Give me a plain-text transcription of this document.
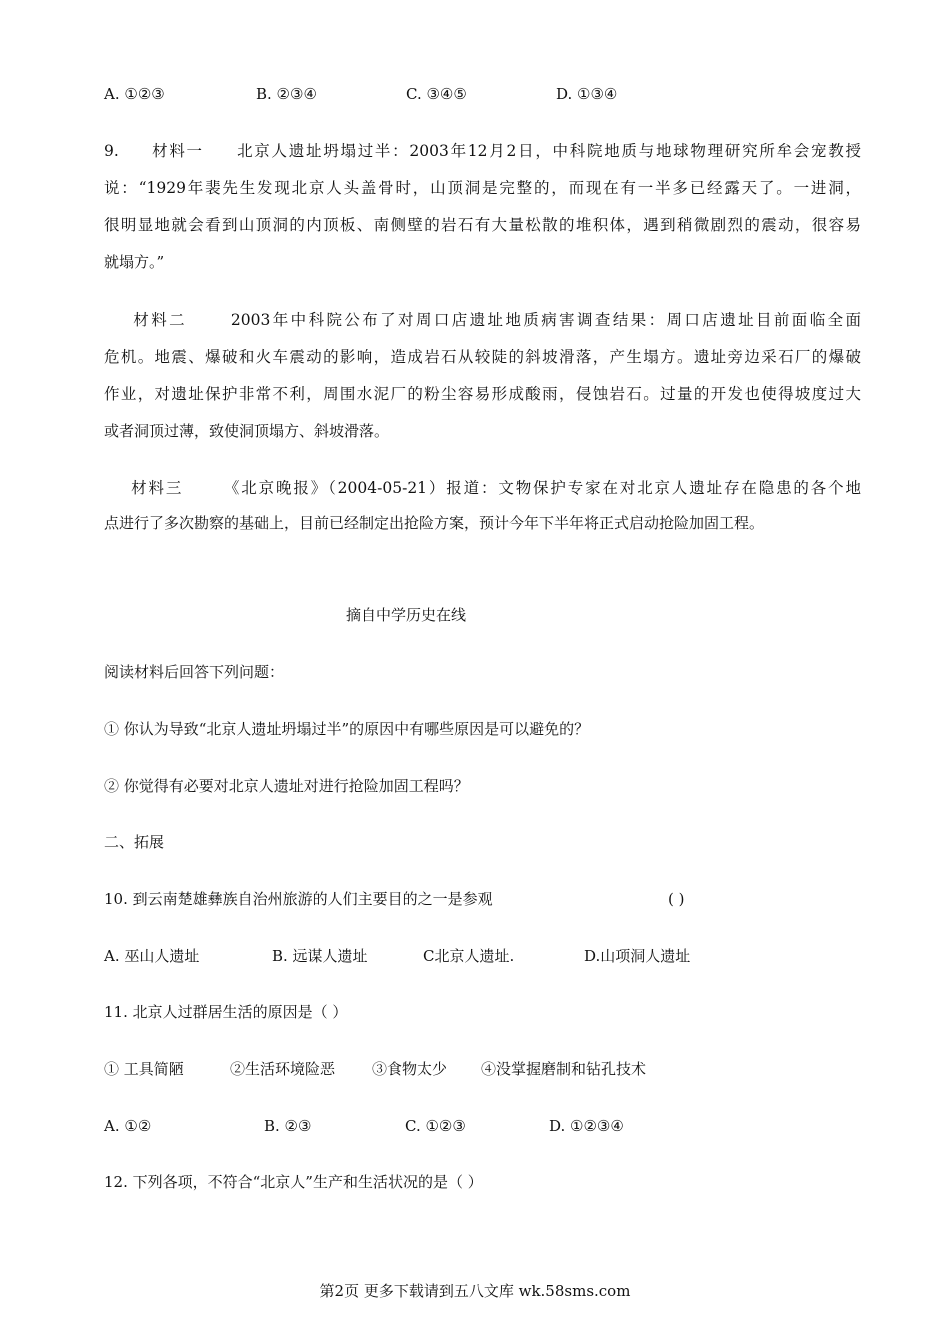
A. ①②③	B. ②③④	C. ③④⑤	D. ①③④
9.     材料一     北京人遗址坍塌过半：2003年12月2日，中科院地质与地球物理研究所牟会宠教授
说：“1929年裴先生发现北京人头盖骨时，山顶洞是完整的，而现在有一半多已经露天了。一进洞，
很明显地就会看到山顶洞的内顶板、南侧壁的岩石有大量松散的堆积体，遇到稍微剧烈的震动，很容易
就塌方。”
材料二      2003年中科院公布了对周口店遗址地质病害调查结果：周口店遗址目前面临全面
危机。地震、爆破和火车震动的影响，造成岩石从较陡的斜坡滑落，产生塌方。遗址旁边采石厂的爆破
作业，对遗址保护非常不利，周围水泥厂的粉尘容易形成酸雨，侵蚀岩石。过量的开发也使得坡度过大
或者洞顶过薄，致使洞顶塌方、斜坡滑落。
材料三      《北京晚报》（2004-05-21）报道：文物保护专家在对北京人遗址存在隐患的各个地
点进行了多次勘察的基础上，目前已经制定出抢险方案，预计今年下半年将正式启动抢险加固工程。
摘自中学历史在线
阅读材料后回答下列问题：
① 你认为导致“北京人遗址坍塌过半”的原因中有哪些原因是可以避免的？
② 你觉得有必要对北京人遗址对进行抢险加固工程吗？
二、拓展
10. 到云南楚雄彝族自治州旅游的人们主要目的之一是参观	( )
A. 巫山人遗址	B. 远谋人遗址	C北京人遗址.	D.山项洞人遗址
11. 北京人过群居生活的原因是（ ）
① 工具简陋	②生活环境险恶 ③食物太少 ④没掌握磨制和钻孔技术
A. ①②	B. ②③	C. ①②③	D. ①②③④
12. 下列各项，不符合“北京人”生产和生活状况的是（ ）
第2页 更多下载请到五八文库 wk.58sms.com
